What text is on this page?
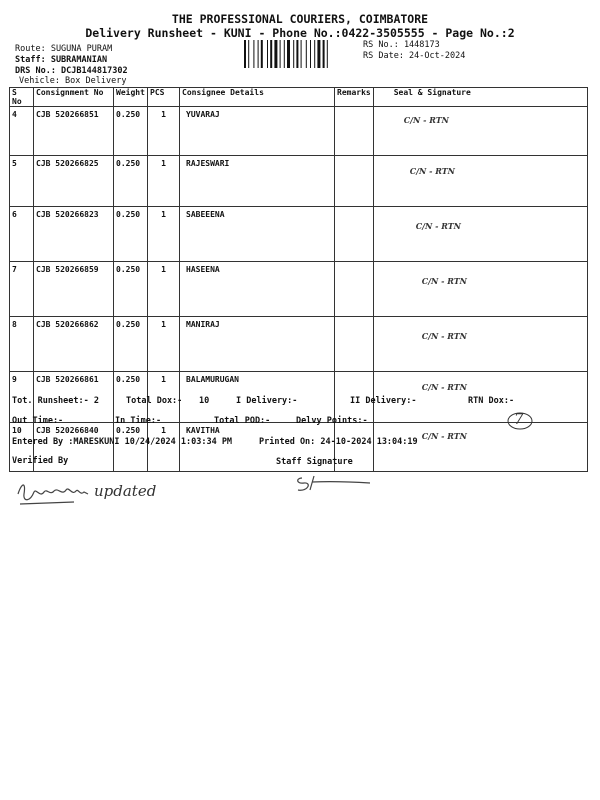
THE PROFESSIONAL COURIERS, COIMBATORE
Delivery Runsheet - KUNI - Phone No.:0422-3505555 - Page No.:2
Route: SUGUNA PURAM
Staff: SUBRAMANIAN
DRS No.: DCJB144817302
Vehicle: Box Delivery
RS No.: 1448173
RS Date: 24-Oct-2024
S No	Consignment No	Weight	PCS	Consignee Details	Remarks	Seal & Signature
4	CJB 520266851	0.250	1	YUVARAJ		C/N - RTN
5	CJB 520266825	0.250	1	RAJESWARI		C/N - RTN
6	CJB 520266823	0.250	1	SABEEENA		C/N - RTN
7	CJB 520266859	0.250	1	HASEENA		C/N - RTN
8	CJB 520266862	0.250	1	MANIRAJ		C/N - RTN
9	CJB 520266861	0.250	1	BALAMURUGAN		C/N - RTN
10	CJB 520266840	0.250	1	KAVITHA		C/N - RTN
Tot. Runsheet:- 2	Total Dox:- 10	I Delivery:-	II Delivery:-	RTN Dox:-
7
Out Time:-	In Time:-	Total POD:-	Delvy Points:-
Entered By :MARESKUNI 10/24/2024 1:03:34 PM	Printed On: 24-10-2024 13:04:19
Verified By	Staff Signature
updated
